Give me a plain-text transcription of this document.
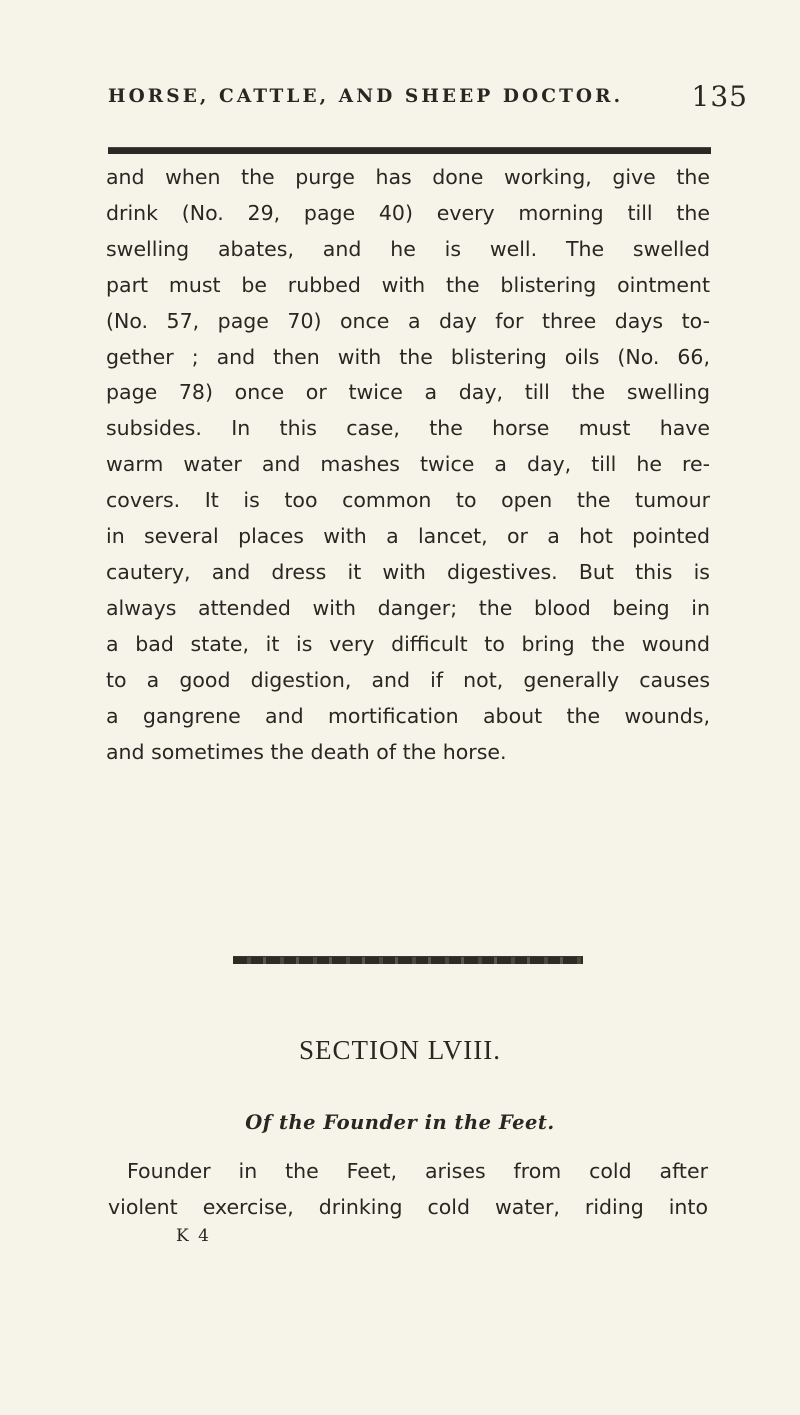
HORSE, CATTLE, AND SHEEP DOCTOR. 135
and when the purge has done working, give the
drink (No. 29, page 40) every morning till the
swelling abates, and he is well. The swelled
part must be rubbed with the blistering ointment
(No. 57, page 70) once a day for three days to-
gether ; and then with the blistering oils (No. 66,
page 78) once or twice a day, till the swelling
subsides. In this case, the horse must have
warm water and mashes twice a day, till he re-
covers. It is too common to open the tumour
in several places with a lancet, or a hot pointed
cautery, and dress it with digestives. But this is
always attended with danger; the blood being in
a bad state, it is very difficult to bring the wound
to a good digestion, and if not, generally causes
a gangrene and mortification about the wounds,
and sometimes the death of the horse.
SECTION LVIII.
Of the Founder in the Feet.
Founder in the Feet, arises from cold after
violent exercise, drinking cold water, riding into
K 4
